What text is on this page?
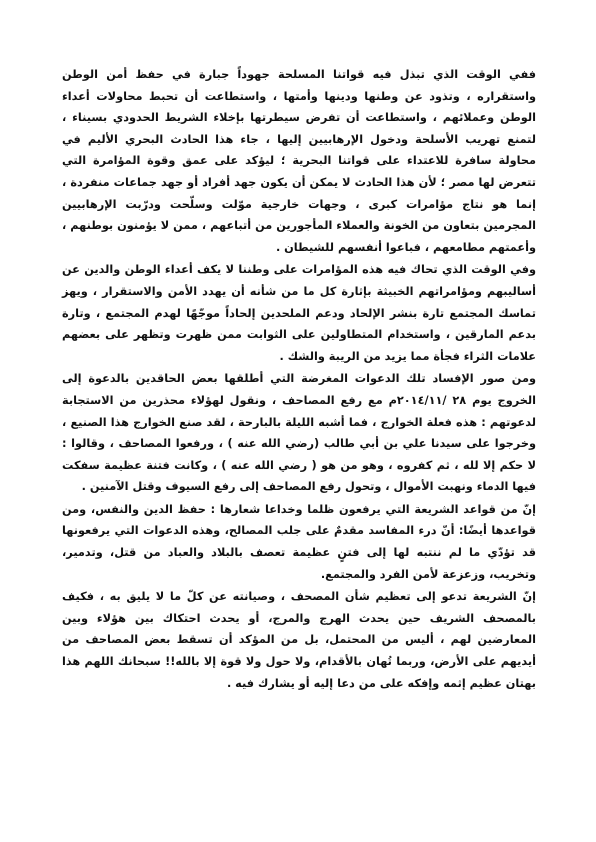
ففي الوقت الذي تبذل فيه قواتنا المسلحة جهوداً جبارة في حفظ أمن الوطن واستقراره ، وتذود عن وطنها ودينها وأمتها ، واستطاعت أن تحبط محاولات أعداء الوطن وعملائهم ، واستطاعت أن تفرض سيطرتها بإخلاء الشريط الحدودي بسيناء ، لتمنع تهريب الأسلحة ودخول الإرهابيين إليها ، جاء هذا الحادث البحري الأليم في محاولة سافرة للاعتداء على قواتنا البحرية ؛ ليؤكد على عمق وقوة المؤامرة التي تتعرض لها مصر ؛ لأن هذا الحادث لا يمكن أن يكون جهد أفراد أو جهد جماعات منفردة ، إنما هو نتاج مؤامرات كبرى ، وجهات خارجية موّلت وسلّحت ودرّبت الإرهابيين المجرمين بتعاون من الخونة والعملاء المأجورين من أتباعهم ، ممن لا يؤمنون بوطنهم ، وأعمتهم مطامعهم ، فباعوا أنفسهم للشيطان .

وفي الوقت الذي تحاك فيه هذه المؤامرات على وطننا لا يكف أعداء الوطن والدين عن أساليبهم ومؤامراتهم الخبيثة بإثارة كل ما من شأنه أن يهدد الأمن والاستقرار ، ويهز تماسك المجتمع تارة بنشر الإلحاد ودعم الملحدين إلحاداً موجّهًا لهدم المجتمع ، وتارة بدعم المارقين ، واستخدام المتطاولين على الثوابت ممن ظهرت وتظهر على بعضهم علامات الثراء فجأة مما يزيد من الريبة والشك .

ومن صور الإفساد تلك الدعوات المغرضة التي أطلقها بعض الحاقدين بالدعوة إلى الخروج يوم ٢٨ /٢٠١٤/١١م مع رفع المصاحف ، ونقول لهؤلاء محذرين من الاستجابة لدعوتهم : هذه فعلة الخوارج ، فما أشبه الليلة بالبارحة ، لقد صنع الخوارج هذا الصنيع ، وخرجوا على سيدنا علي بن أبي طالب (رضي الله عنه ) ، ورفعوا المصاحف ، وقالوا : لا حكم إلا لله ، ثم كفروه ، وهو من هو ( رضي الله عنه ) ، وكانت فتنة عظيمة سفكت فيها الدماء ونهبت الأموال ، وتحول رفع المصاحف إلى رفع السيوف وقتل الآمنين .

إنّ من قواعد الشريعة التي يرفعون ظلما وخداعا شعارها : حفظ الدين والنفس، ومن قواعدها أيضًا: أنّ درء المفاسد مقدمٌ على جلب المصالح، وهذه الدعوات التي يرفعونها قد تؤدّي ما لم ننتبه لها إلى فتنٍ عظيمة تعصف بالبلاد والعباد من قتل، وتدمير، وتخريب، وزعزعة لأمن الفرد والمجتمع.

إنّ الشريعة تدعو إلى تعظيم شأن المصحف ، وصيانته عن كلّ ما لا يليق به ، فكيف بالمصحف الشريف حين يحدث الهرج والمرج، أو يحدث احتكاك بين هؤلاء وبين المعارضين لهم ، أليس من المحتمل، بل من المؤكد أن تسقط بعض المصاحف من أيديهم على الأرض، وربما تُهان بالأقدام، ولا حول ولا قوة إلا بالله!! سبحانك اللهم هذا بهتان عظيم إثمه وإفكه على من دعا إليه أو يشارك فيه .
